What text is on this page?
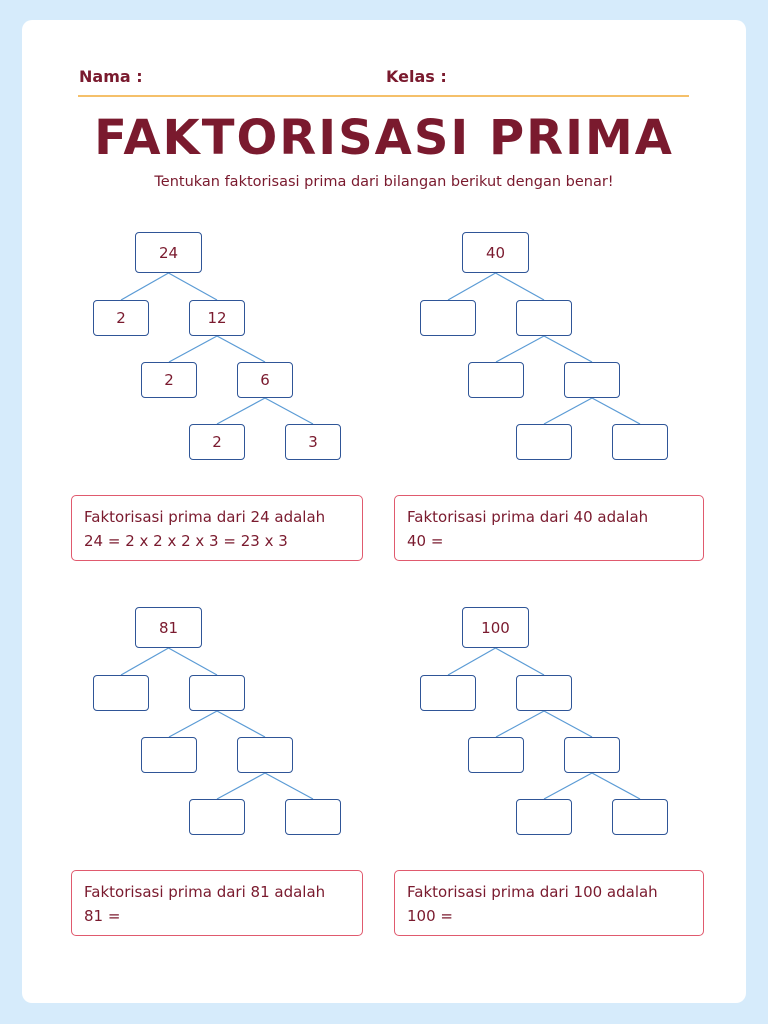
Nama :	Kelas :
FAKTORISASI PRIMA
Tentukan faktorisasi prima dari bilangan berikut dengan benar!
24
2	12
2	6
2	3
Faktorisasi prima dari 24 adalah
24 = 2 x 2 x 2 x 3 = 23 x 3
40
Faktorisasi prima dari 40 adalah
40 =
81
Faktorisasi prima dari 81 adalah
81 =
100
Faktorisasi prima dari 100 adalah
100 =
